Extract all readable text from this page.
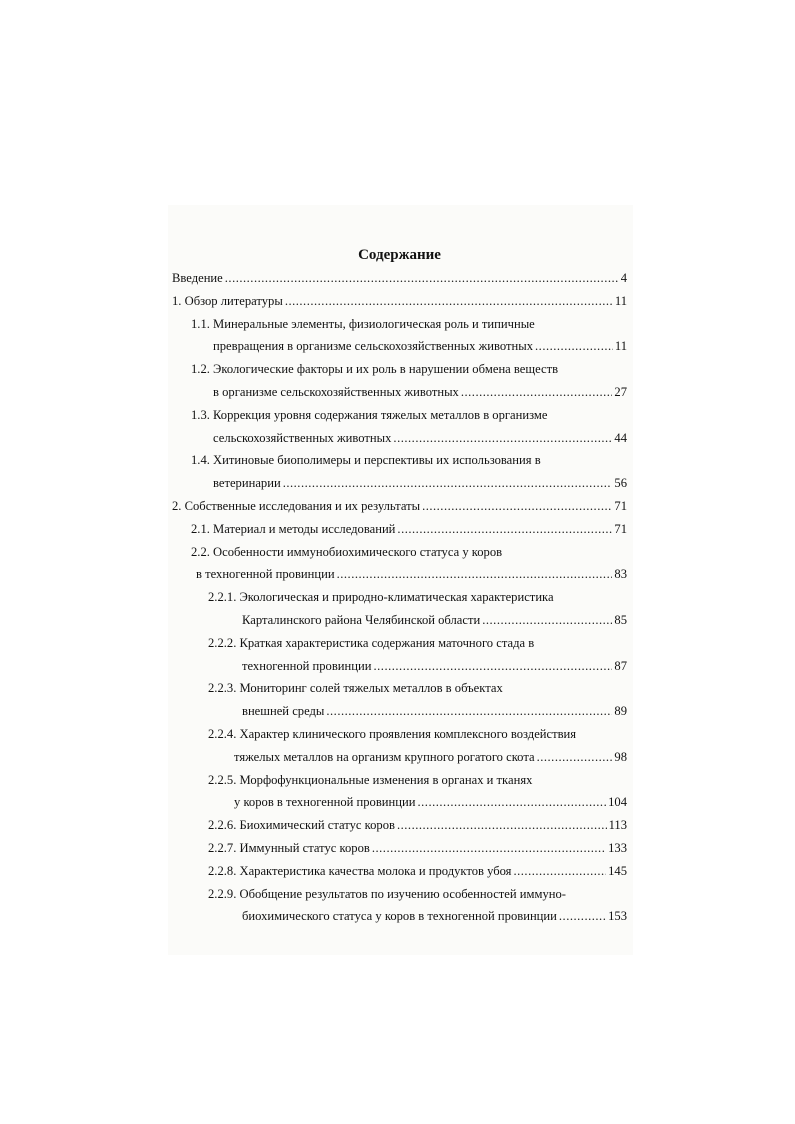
Содержание
Введение .....	4
1. Обзор литературы .....	11
1.1. Минеральные элементы, физиологическая роль и типичные
превращения в организме сельскохозяйственных животных .....	11
1.2. Экологические факторы и их роль в нарушении обмена веществ
в организме сельскохозяйственных животных .....	27
1.3. Коррекция уровня содержания тяжелых металлов в организме
сельскохозяйственных животных .....	44
1.4. Хитиновые биополимеры и перспективы их использования в
ветеринарии .....	56
2. Собственные исследования и их результаты .....	71
2.1. Материал и методы исследований .....	71
2.2. Особенности иммунобиохимического статуса у коров
в техногенной провинции .....	83
2.2.1. Экологическая и природно-климатическая характеристика
Карталинского района Челябинской области .....	85
2.2.2. Краткая характеристика содержания маточного стада в
техногенной провинции .....	87
2.2.3. Мониторинг солей тяжелых металлов в объектах
внешней среды .....	89
2.2.4. Характер клинического проявления комплексного воздействия
тяжелых металлов на организм крупного рогатого скота .....	98
2.2.5. Морфофункциональные изменения в органах и тканях
у коров в техногенной провинции .....	104
2.2.6. Биохимический статус коров .....	113
2.2.7. Иммунный статус коров .....	133
2.2.8. Характеристика качества молока и продуктов убоя .....	145
2.2.9. Обобщение результатов по изучению особенностей иммуно-
биохимического статуса у коров в техногенной провинции .....	153
